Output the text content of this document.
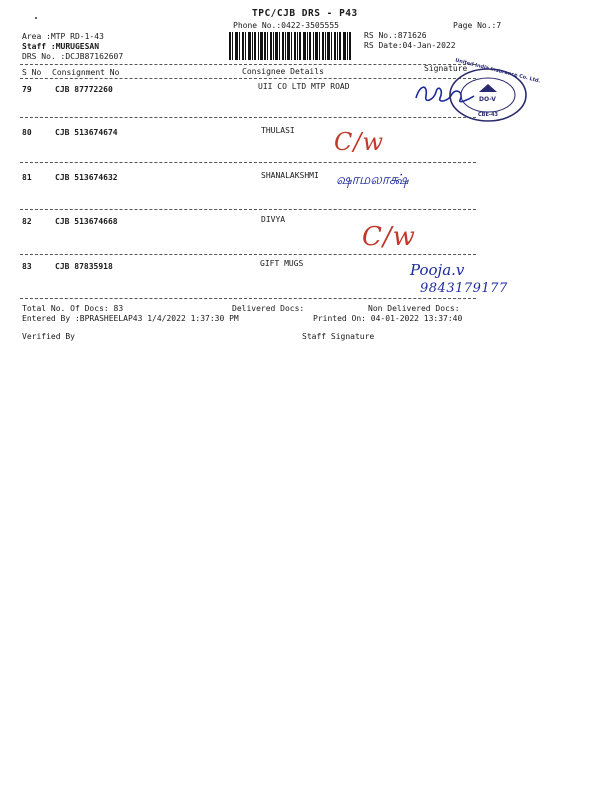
TPC/CJB DRS - P43
Phone No.:0422-3505555	Page No.:7
Area :MTP RD-1-43
Staff :MURUGESAN
DRS No. :DCJB87162607
RS No.:871626
RS Date:04-Jan-2022
S No Consignment No	Consignee Details	Signature
79	CJB 87772260	UII CO LTD MTP ROAD
80	CJB 513674674	THULASI
81	CJB 513674632	SHANALAKSHMI
82	CJB 513674668	DIVYA
83	CJB 87835918	GIFT MUGS
United India Insurance Co. Ltd.
DO-V
CBE-43
C/w
ஷாமலாக்ஷ்
C/w
Pooja.v
9843179177
Total No. Of Docs: 83	Delivered Docs:	Non Delivered Docs:
Entered By :BPRASHEELAP43 1/4/2022 1:37:30 PM	Printed On: 04-01-2022 13:37:40
Verified By	Staff Signature
